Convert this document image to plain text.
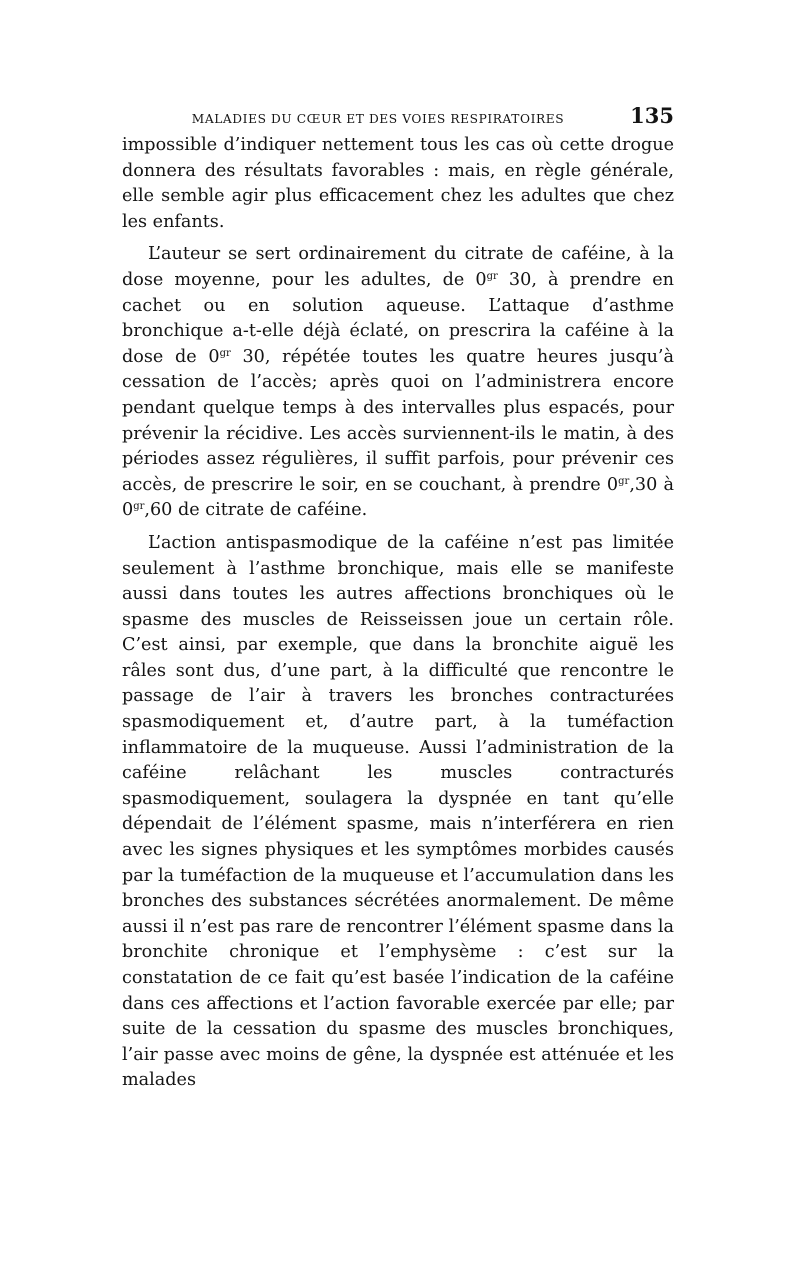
MALADIES DU CŒUR ET DES VOIES RESPIRATOIRES	135

impossible d’indiquer nettement tous les cas où cette drogue donnera des résultats favorables : mais, en règle générale, elle semble agir plus efficacement chez les adultes que chez les enfants.

L’auteur se sert ordinairement du citrate de caféine, à la dose moyenne, pour les adultes, de $0^{gr}$ 30, à prendre en cachet ou en solution aqueuse. L’attaque d’asthme bronchique a-t-elle déjà éclaté, on prescrira la caféine à la dose de $0^{gr}$ 30, répétée toutes les quatre heures jusqu’à cessation de l’accès; après quoi on l’administrera encore pendant quelque temps à des intervalles plus espacés, pour prévenir la récidive. Les accès surviennent-ils le matin, à des périodes assez régulières, il suffit parfois, pour prévenir ces accès, de prescrire le soir, en se couchant, à prendre $0^{gr},30$ à $0^{gr},60$ de citrate de caféine.

L’action antispasmodique de la caféine n’est pas limitée seulement à l’asthme bronchique, mais elle se manifeste aussi dans toutes les autres affections bronchiques où le spasme des muscles de Reisseissen joue un certain rôle. C’est ainsi, par exemple, que dans la bronchite aiguë les râles sont dus, d’une part, à la difficulté que rencontre le passage de l’air à travers les bronches contracturées spasmodiquement et, d’autre part, à la tuméfaction inflammatoire de la muqueuse. Aussi l’administration de la caféine relâchant les muscles contracturés spasmodiquement, soulagera la dyspnée en tant qu’elle dépendait de l’élément spasme, mais n’interférera en rien avec les signes physiques et les symptômes morbides causés par la tuméfaction de la muqueuse et l’accumulation dans les bronches des substances sécrétées anormalement. De même aussi il n’est pas rare de rencontrer l’élément spasme dans la bronchite chronique et l’emphysème : c’est sur la constatation de ce fait qu’est basée l’indication de la caféine dans ces affections et l’action favorable exercée par elle; par suite de la cessation du spasme des muscles bronchiques, l’air passe avec moins de gêne, la dyspnée est atténuée et les malades
